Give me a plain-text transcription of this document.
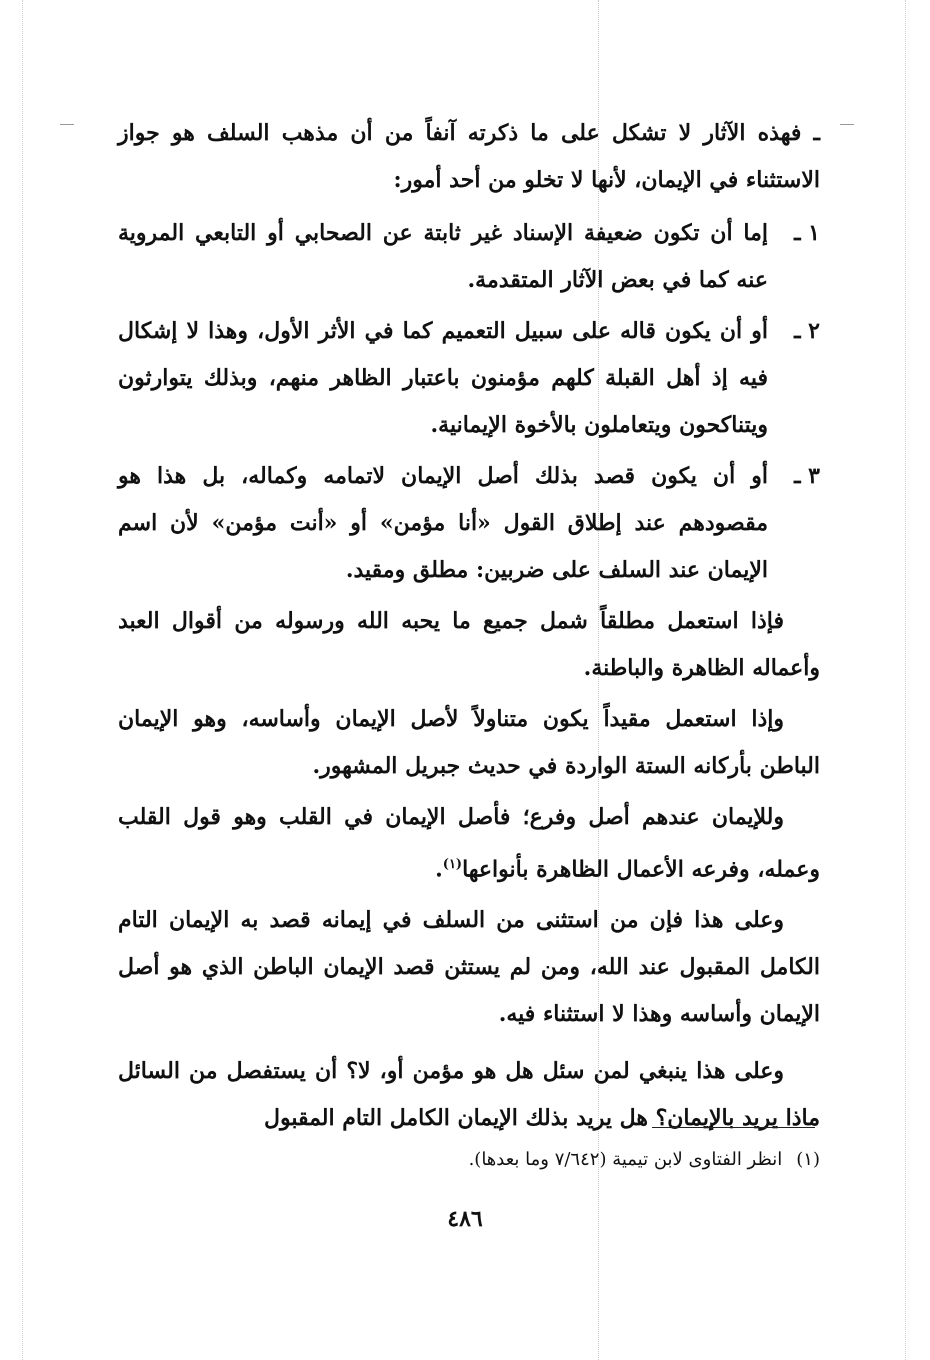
ـ فهذه الآثار لا تشكل على ما ذكرته آنفاً من أن مذهب السلف هو جواز الاستثناء في الإيمان، لأنها لا تخلو من أحد أمور:

١ ـ

إما أن تكون ضعيفة الإسناد غير ثابتة عن الصحابي أو التابعي المروية عنه كما في بعض الآثار المتقدمة.

٢ ـ

أو أن يكون قاله على سبيل التعميم كما في الأثر الأول، وهذا لا إشكال فيه إذ أهل القبلة كلهم مؤمنون باعتبار الظاهر منهم، وبذلك يتوارثون ويتناكحون ويتعاملون بالأخوة الإيمانية.

٣ ـ

أو أن يكون قصد بذلك أصل الإيمان لاتمامه وكماله، بل هذا هو مقصودهم عند إطلاق القول «أنا مؤمن» أو «أنت مؤمن» لأن اسم الإيمان عند السلف على ضربين: مطلق ومقيد.

فإذا استعمل مطلقاً شمل جميع ما يحبه الله ورسوله من أقوال العبد وأعماله الظاهرة والباطنة.

وإذا استعمل مقيداً يكون متناولاً لأصل الإيمان وأساسه، وهو الإيمان الباطن بأركانه الستة الواردة في حديث جبريل المشهور.

وللإيمان عندهم أصل وفرع؛ فأصل الإيمان في القلب وهو قول القلب وعمله، وفرعه الأعمال الظاهرة بأنواعها$^{(١)}$.

وعلى هذا فإن من استثنى من السلف في إيمانه قصد به الإيمان التام الكامل المقبول عند الله، ومن لم يستثن قصد الإيمان الباطن الذي هو أصل الإيمان وأساسه وهذا لا استثناء فيه.

وعلى هذا ينبغي لمن سئل هل هو مؤمن أو، لا؟ أن يستفصل من السائل ماذا يريد بالإيمان؟ هل يريد بذلك الإيمان الكامل التام المقبول

(١)انظر الفتاوى لابن تيمية (٧/٦٤٢ وما بعدها).
٤٨٦
